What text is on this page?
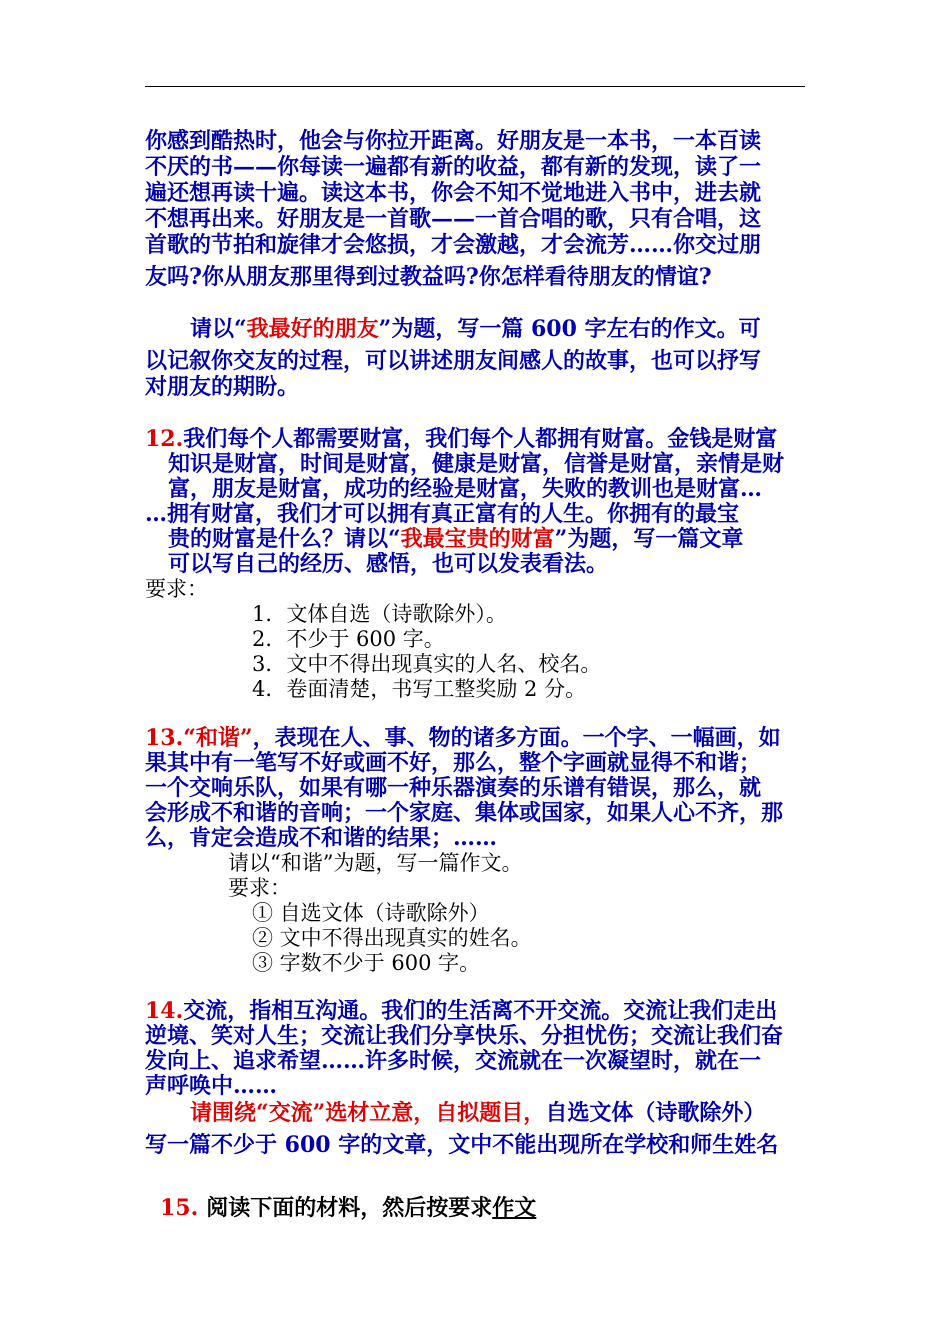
你感到酷热时，他会与你拉开距离。好朋友是一本书，一本百读
不厌的书——你每读一遍都有新的收益，都有新的发现，读了一
遍还想再读十遍。读这本书，你会不知不觉地进入书中，进去就
不想再出来。好朋友是一首歌——一首合唱的歌，只有合唱，这
首歌的节拍和旋律才会悠损，才会激越，才会流芳……你交过朋
友吗?你从朋友那里得到过教益吗?你怎样看待朋友的情谊?
请以“我最好的朋友”为题，写一篇 600 字左右的作文。可
以记叙你交友的过程，可以讲述朋友间感人的故事，也可以抒写
对朋友的期盼。
12.我们每个人都需要财富，我们每个人都拥有财富。金钱是财富
知识是财富，时间是财富，健康是财富，信誉是财富，亲情是财
富，朋友是财富，成功的经验是财富，失败的教训也是财富…
…拥有财富，我们才可以拥有真正富有的人生。你拥有的最宝
贵的财富是什么？请以“我最宝贵的财富”为题，写一篇文章
可以写自己的经历、感悟，也可以发表看法。
要求：
1．文体自选（诗歌除外）。
2．不少于 600 字。
3．文中不得出现真实的人名、校名。
4．卷面清楚，书写工整奖励 2 分。
13.“和谐”，表现在人、事、物的诸多方面。一个字、一幅画，如
果其中有一笔写不好或画不好，那么，整个字画就显得不和谐；
一个交响乐队，如果有哪一种乐器演奏的乐谱有错误，那么，就
会形成不和谐的音响；一个家庭、集体或国家，如果人心不齐，那
么，肯定会造成不和谐的结果；……
请以“和谐”为题，写一篇作文。
要求：
① 自选文体（诗歌除外）
② 文中不得出现真实的姓名。
③ 字数不少于 600 字。
14.交流，指相互沟通。我们的生活离不开交流。交流让我们走出
逆境、笑对人生；交流让我们分享快乐、分担忧伤；交流让我们奋
发向上、追求希望……许多时候，交流就在一次凝望时，就在一
声呼唤中……
请围绕“交流”选材立意，自拟题目，自选文体（诗歌除外）
写一篇不少于 600 字的文章，文中不能出现所在学校和师生姓名
15. 阅读下面的材料，然后按要求作文
